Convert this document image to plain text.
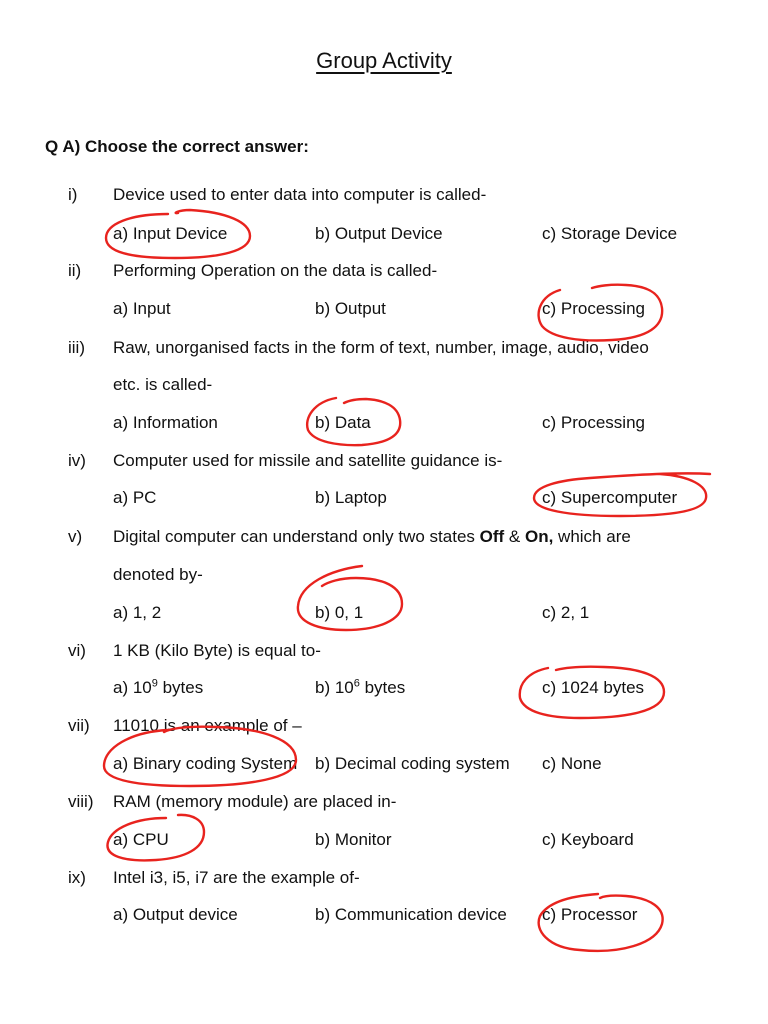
Group Activity
Q A) Choose the correct answer:
i) Device used to enter data into computer is called-
a) Input Device	b) Output Device	c) Storage Device
ii) Performing Operation on the data is called-
a) Input	b) Output	c) Processing
iii) Raw, unorganised facts in the form of text, number, image, audio, video
etc. is called-
a) Information	b) Data	c) Processing
iv) Computer used for missile and satellite guidance is-
a) PC	b) Laptop	c) Supercomputer
v) Digital computer can understand only two states Off & On, which are
denoted by-
a) 1, 2	b) 0, 1	c) 2, 1
vi) 1 KB (Kilo Byte) is equal to-
a) $10^9$ bytes	b) $10^6$ bytes	c) 1024 bytes
vii) 11010 is an example of –
a) Binary coding System b) Decimal coding system c) None
viii) RAM (memory module) are placed in-
a) CPU	b) Monitor	c) Keyboard
ix) Intel i3, i5, i7 are the example of-
a) Output device	b) Communication device c) Processor
